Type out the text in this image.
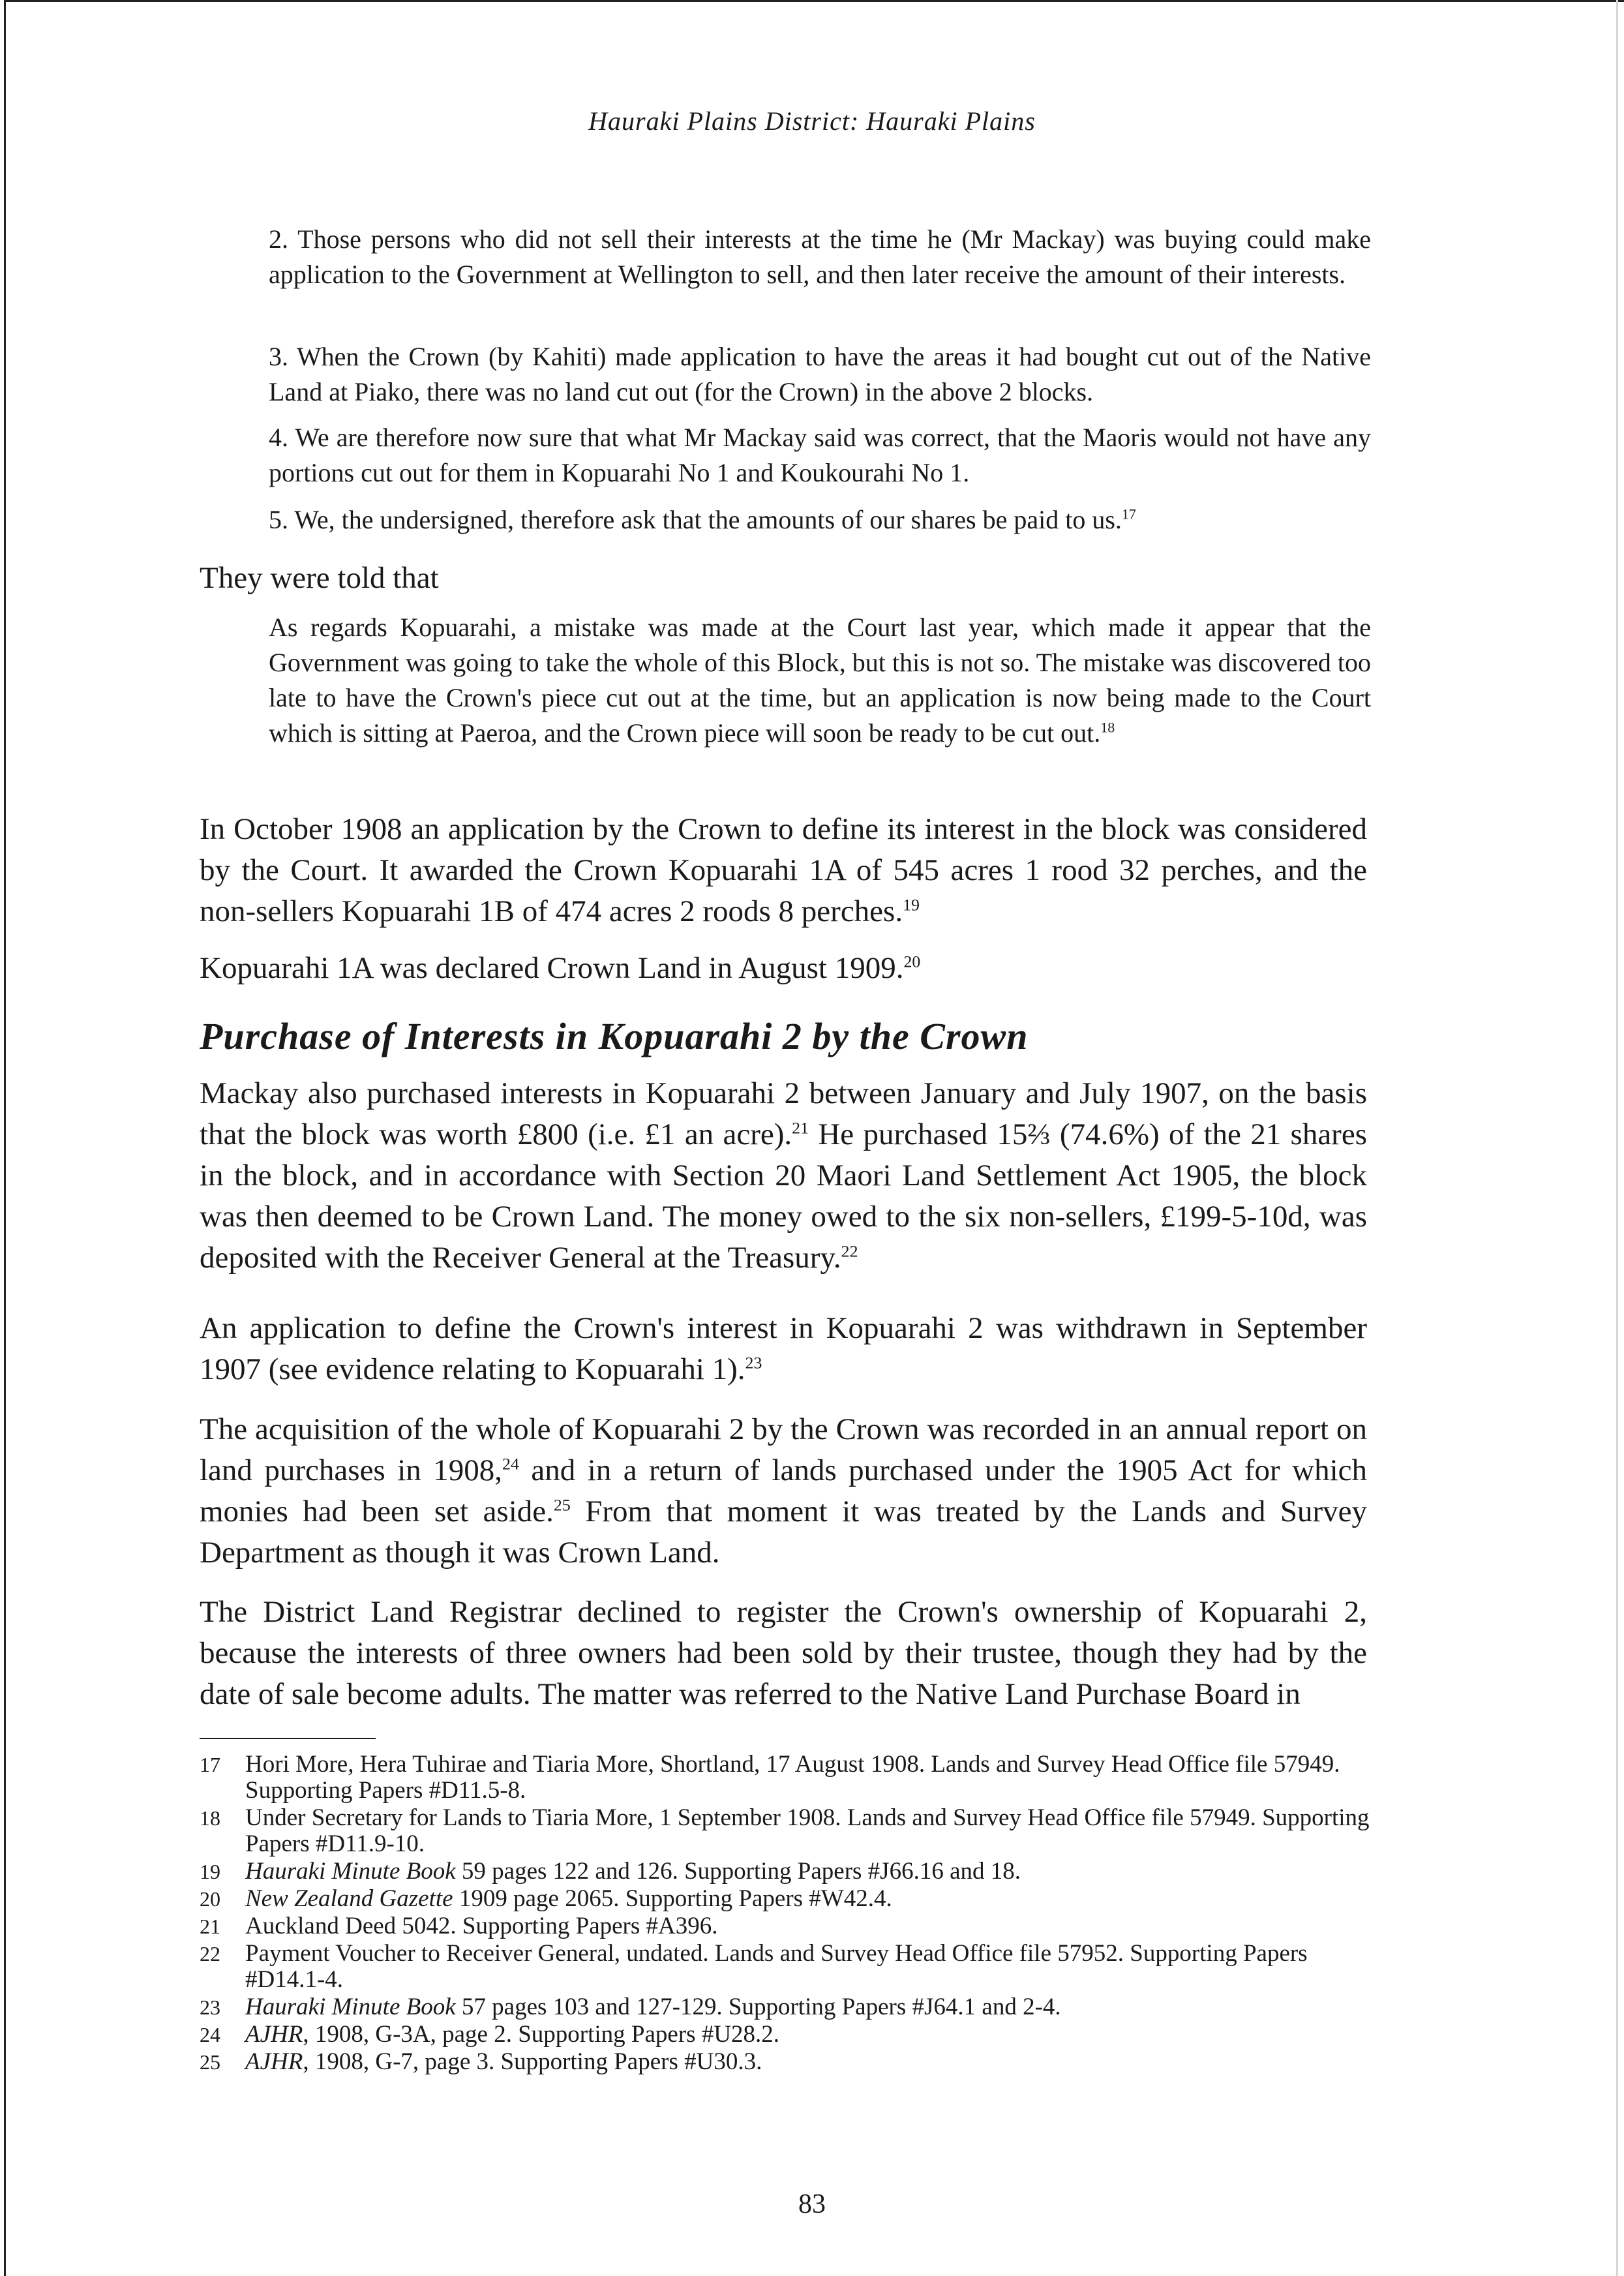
Hauraki Plains District: Hauraki Plains

2. Those persons who did not sell their interests at the time he (Mr Mackay) was buying could make application to the Government at Wellington to sell, and then later receive the amount of their interests.

3. When the Crown (by Kahiti) made application to have the areas it had bought cut out of the Native Land at Piako, there was no land cut out (for the Crown) in the above 2 blocks.

4. We are therefore now sure that what Mr Mackay said was correct, that the Maoris would not have any portions cut out for them in Kopuarahi No 1 and Koukourahi No 1.

5. We, the undersigned, therefore ask that the amounts of our shares be paid to us.$^{17}$

They were told that

As regards Kopuarahi, a mistake was made at the Court last year, which made it appear that the Government was going to take the whole of this Block, but this is not so. The mistake was discovered too late to have the Crown's piece cut out at the time, but an application is now being made to the Court which is sitting at Paeroa, and the Crown piece will soon be ready to be cut out.$^{18}$

In October 1908 an application by the Crown to define its interest in the block was considered by the Court. It awarded the Crown Kopuarahi 1A of 545 acres 1 rood 32 perches, and the non-sellers Kopuarahi 1B of 474 acres 2 roods 8 perches.$^{19}$

Kopuarahi 1A was declared Crown Land in August 1909.20

Purchase of Interests in Kopuarahi 2 by the Crown

Mackay also purchased interests in Kopuarahi 2 between January and July 1907, on the basis that the block was worth £800 (i.e. £1 an acre).$^{21}$ He purchased 15⅔ (74.6%) of the 21 shares in the block, and in accordance with Section 20 Maori Land Settlement Act 1905, the block was then deemed to be Crown Land. The money owed to the six non-sellers, £199-5-10d, was deposited with the Receiver General at the Treasury.$^{22}$

An application to define the Crown's interest in Kopuarahi 2 was withdrawn in September 1907 (see evidence relating to Kopuarahi 1).$^{23}$

The acquisition of the whole of Kopuarahi 2 by the Crown was recorded in an annual report on land purchases in 1908,24 and in a return of lands purchased under the 1905 Act for which monies had been set aside.$^{25}$ From that moment it was treated by the Lands and Survey Department as though it was Crown Land.

The District Land Registrar declined to register the Crown's ownership of Kopuarahi 2, because the interests of three owners had been sold by their trustee, though they had by the date of sale become adults. The matter was referred to the Native Land Purchase Board in

17	Hori More, Hera Tuhirae and Tiaria More, Shortland, 17 August 1908. Lands and Survey Head Office file 57949. Supporting Papers #D11.5-8.
18	Under Secretary for Lands to Tiaria More, 1 September 1908. Lands and Survey Head Office file 57949. Supporting Papers #D11.9-10.
19	Hauraki Minute Book 59 pages 122 and 126. Supporting Papers #J66.16 and 18.
20	New Zealand Gazette 1909 page 2065. Supporting Papers #W42.4.
21	Auckland Deed 5042. Supporting Papers #A396.
22	Payment Voucher to Receiver General, undated. Lands and Survey Head Office file 57952. Supporting Papers #D14.1-4.
23	Hauraki Minute Book 57 pages 103 and 127-129. Supporting Papers #J64.1 and 2-4.
24	AJHR, 1908, G-3A, page 2. Supporting Papers #U28.2.
25	AJHR, 1908, G-7, page 3. Supporting Papers #U30.3.
83
